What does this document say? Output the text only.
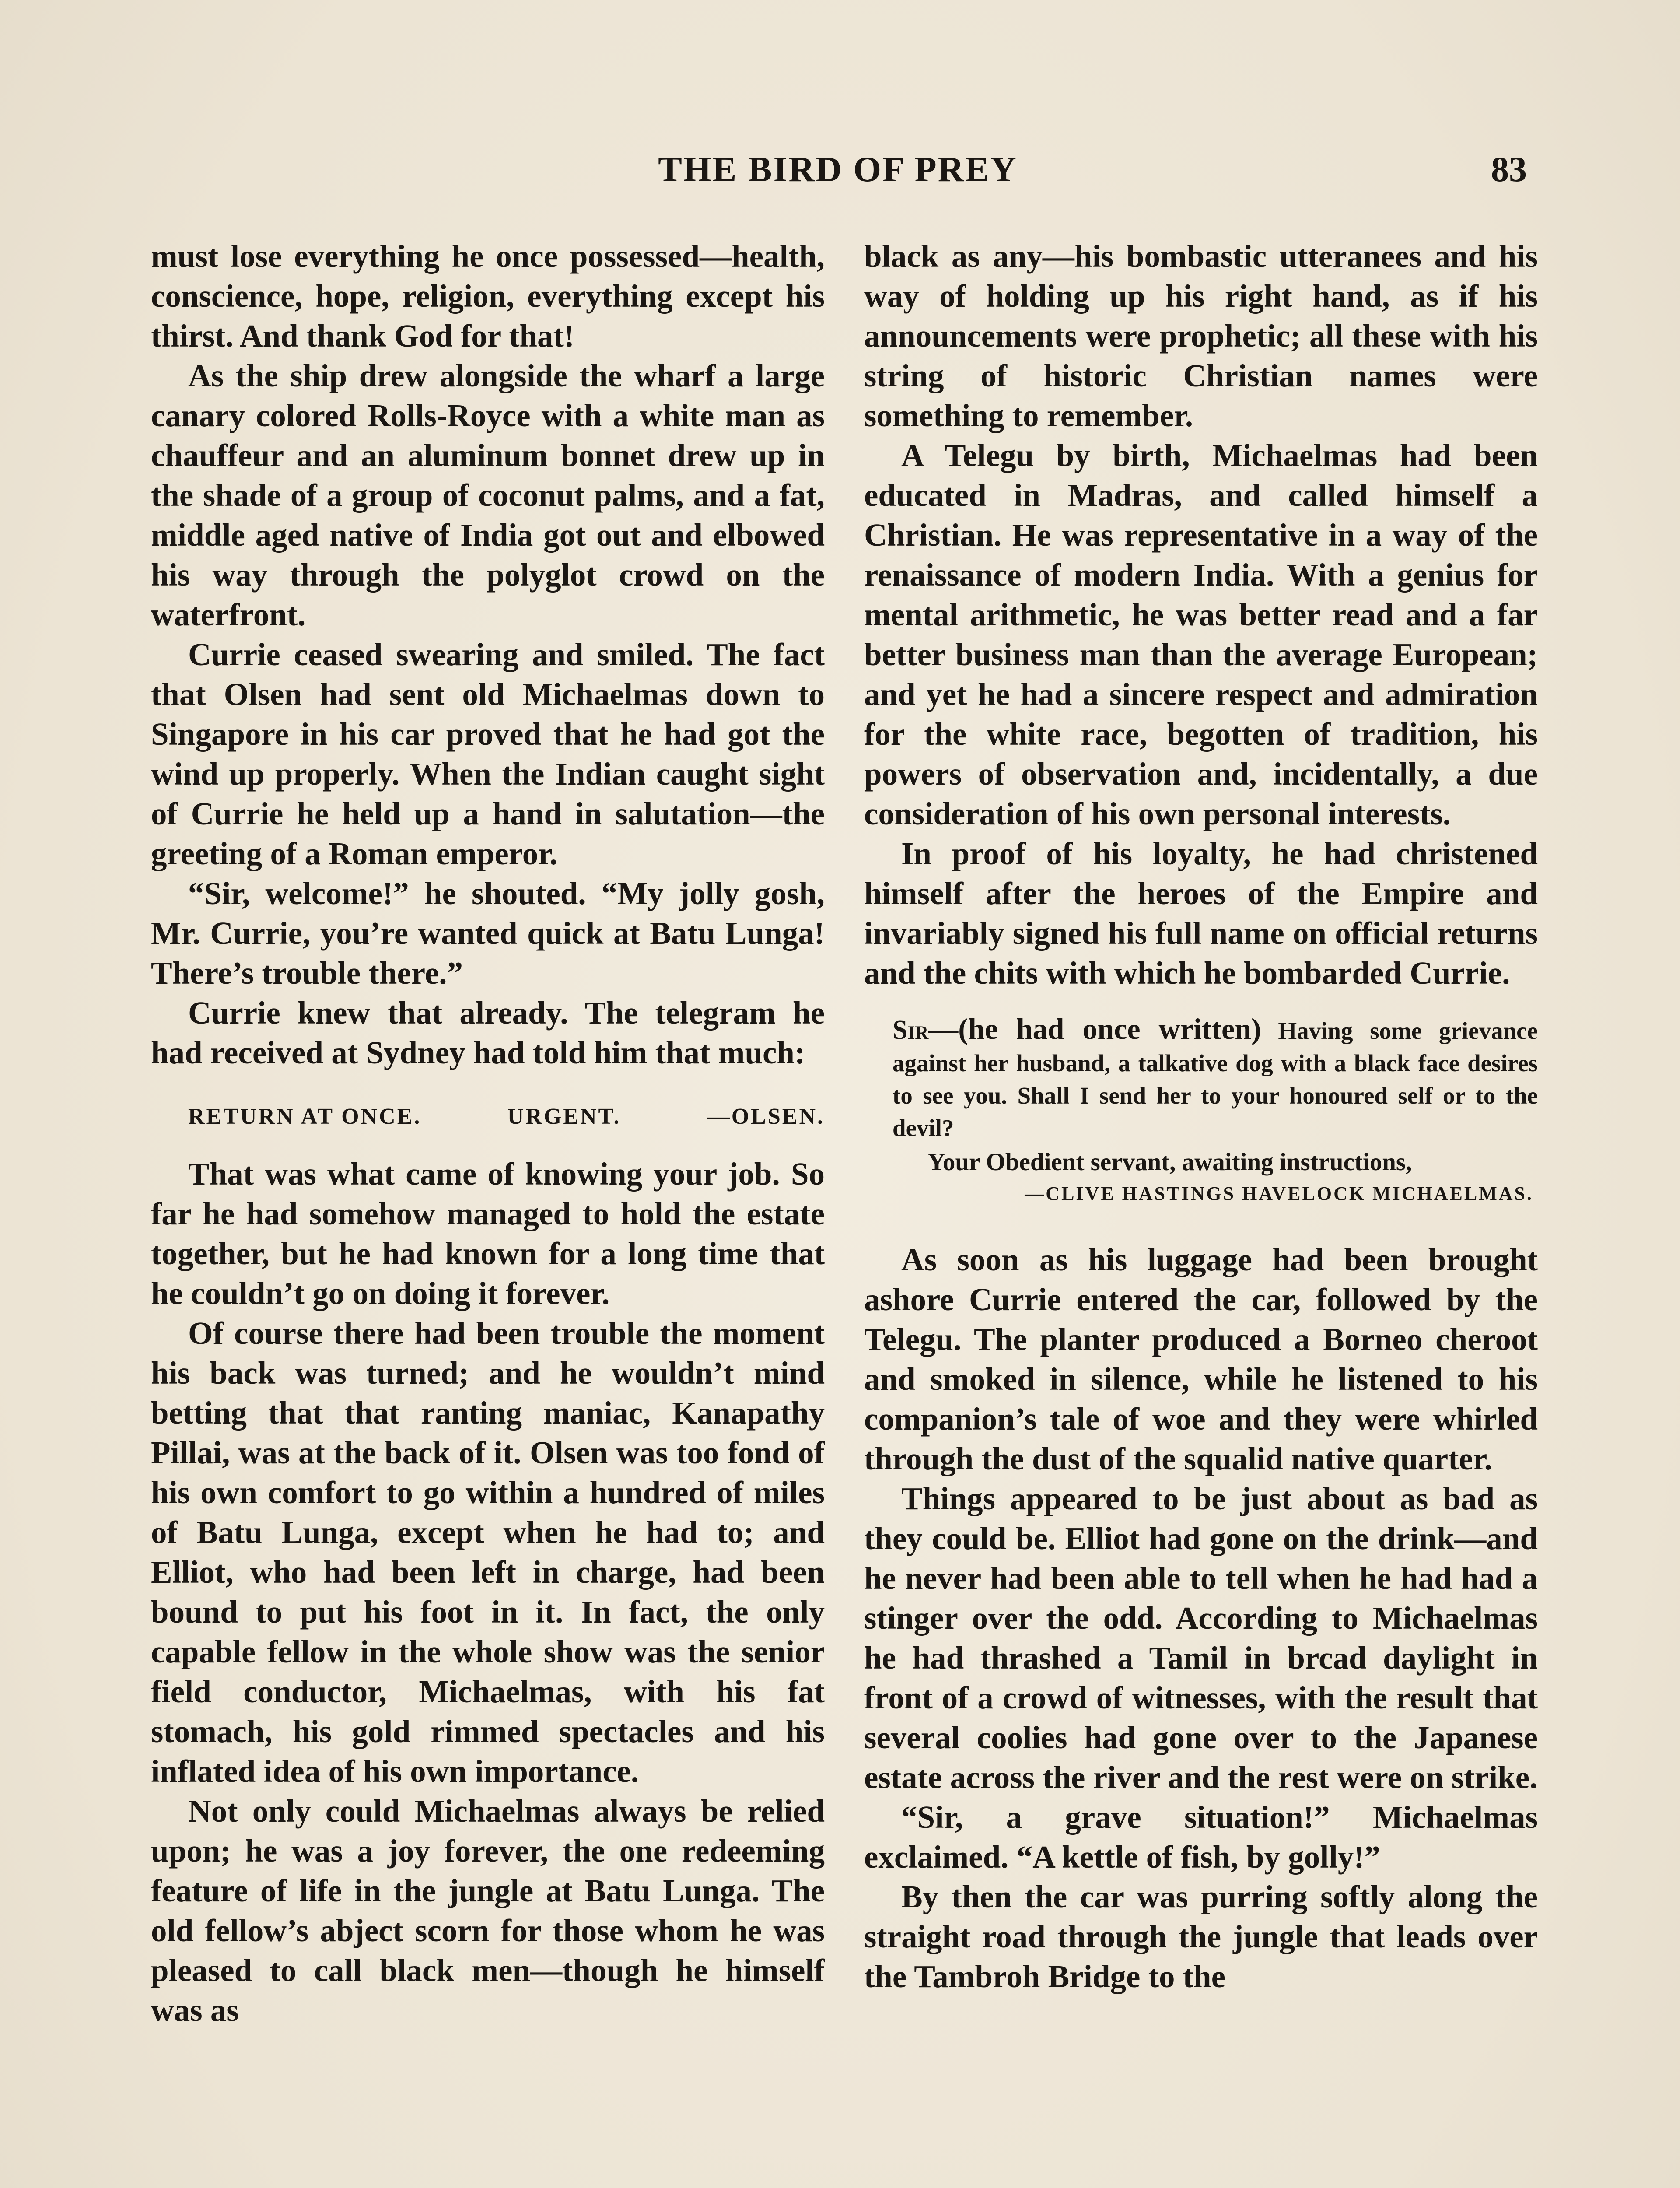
THE BIRD OF PREY	83

must lose everything he once possessed—health, conscience, hope, religion, everything except his thirst. And thank God for that!

As the ship drew alongside the wharf a large canary colored Rolls-Royce with a white man as chauffeur and an aluminum bonnet drew up in the shade of a group of coconut palms, and a fat, middle aged native of India got out and elbowed his way through the polyglot crowd on the waterfront.

Currie ceased swearing and smiled. The fact that Olsen had sent old Michaelmas down to Singapore in his car proved that he had got the wind up properly. When the Indian caught sight of Currie he held up a hand in salutation—the greeting of a Roman emperor.

“Sir, welcome!” he shouted. “My jolly gosh, Mr. Currie, you’re wanted quick at Batu Lunga! There’s trouble there.”

Currie knew that already. The telegram he had received at Sydney had told him that much:

RETURN AT ONCE.	URGENT.	—OLSEN.

That was what came of knowing your job. So far he had somehow managed to hold the estate together, but he had known for a long time that he couldn’t go on doing it forever.

Of course there had been trouble the moment his back was turned; and he wouldn’t mind betting that that ranting maniac, Kanapathy Pillai, was at the back of it. Olsen was too fond of his own comfort to go within a hundred of miles of Batu Lunga, except when he had to; and Elliot, who had been left in charge, had been bound to put his foot in it. In fact, the only capable fellow in the whole show was the senior field conductor, Michaelmas, with his fat stomach, his gold rimmed spectacles and his inflated idea of his own importance.

Not only could Michaelmas always be relied upon; he was a joy forever, the one redeeming feature of life in the jungle at Batu Lunga. The old fellow’s abject scorn for those whom he was pleased to call black men—though he himself was as

black as any—his bombastic utteranees and his way of holding up his right hand, as if his announcements were prophetic; all these with his string of historic Christian names were something to remember.

A Telegu by birth, Michaelmas had been educated in Madras, and called himself a Christian. He was representative in a way of the renaissance of modern India. With a genius for mental arithmetic, he was better read and a far better business man than the average European; and yet he had a sincere respect and admiration for the white race, begotten of tradition, his powers of observation and, incidentally, a due consideration of his own personal interests.

In proof of his loyalty, he had christened himself after the heroes of the Empire and invariably signed his full name on official returns and the chits with which he bombarded Currie.

Sir—(he had once written) Having some grievance against her husband, a talkative dog with a black face desires to see you. Shall I send her to your honoured self or to the devil?
Your Obedient servant, awaiting instructions,
—CLIVE HASTINGS HAVELOCK MICHAELMAS.

As soon as his luggage had been brought ashore Currie entered the car, followed by the Telegu. The planter produced a Borneo cheroot and smoked in silence, while he listened to his companion’s tale of woe and they were whirled through the dust of the squalid native quarter.

Things appeared to be just about as bad as they could be. Elliot had gone on the drink—and he never had been able to tell when he had had a stinger over the odd. According to Michaelmas he had thrashed a Tamil in brcad daylight in front of a crowd of witnesses, with the result that several coolies had gone over to the Japanese estate across the river and the rest were on strike.

“Sir, a grave situation!” Michaelmas exclaimed. “A kettle of fish, by golly!”

By then the car was purring softly along the straight road through the jungle that leads over the Tambroh Bridge to the
